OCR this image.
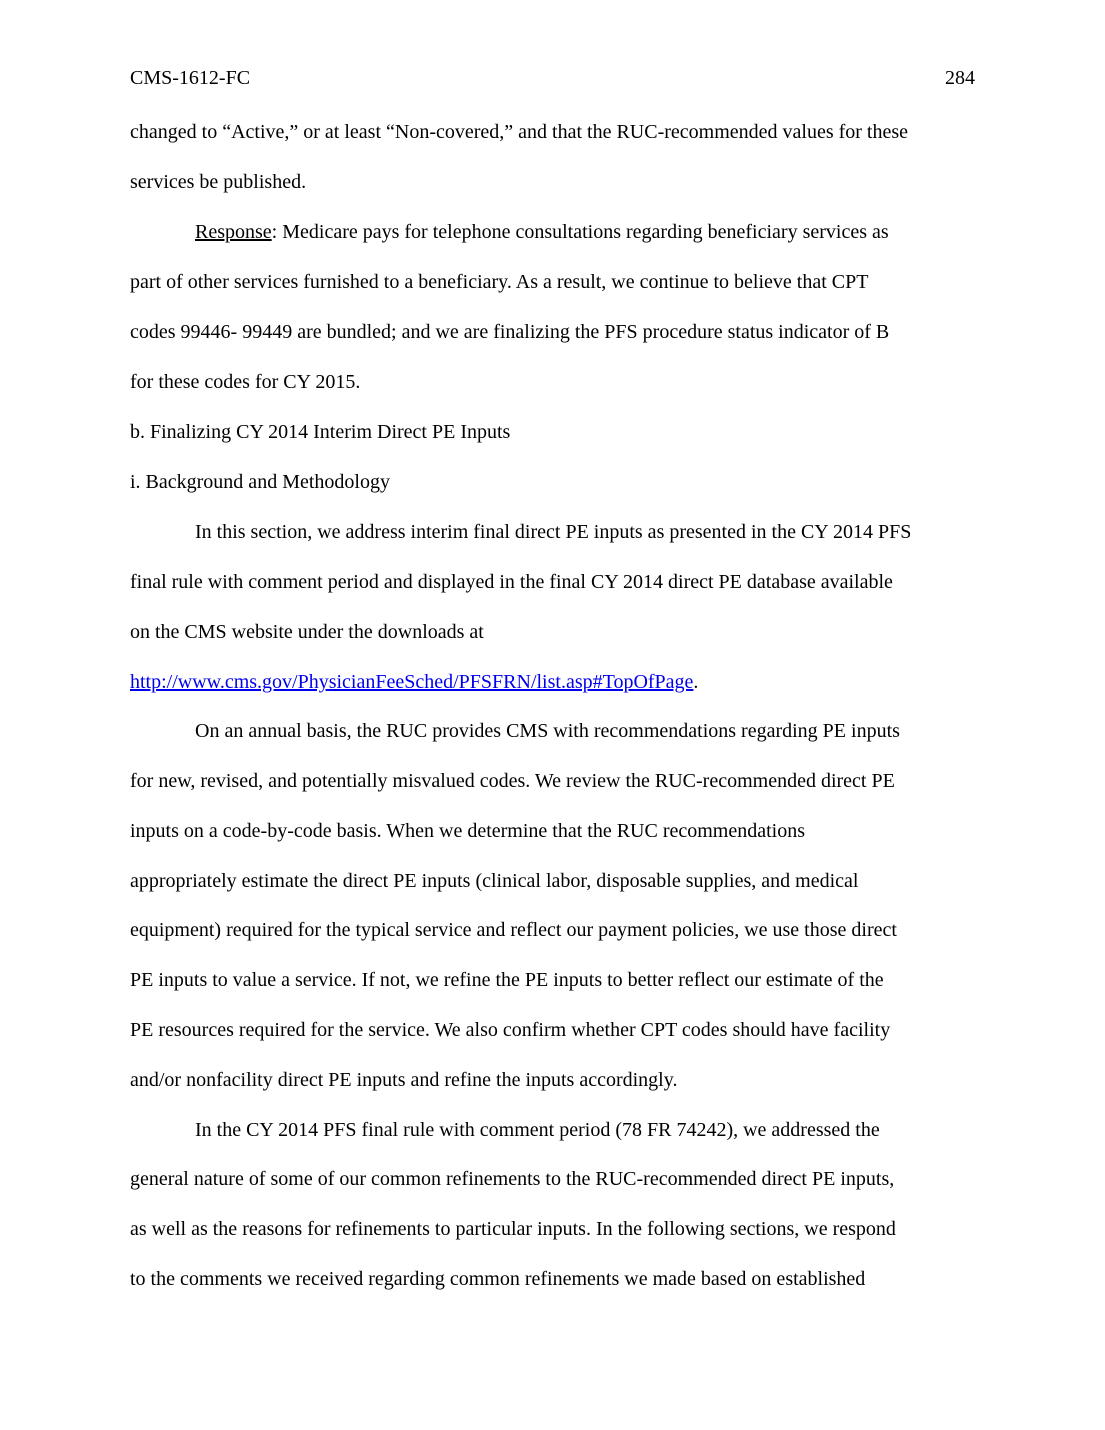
CMS-1612-FC	284
changed to “Active,” or at least “Non-covered,” and that the RUC-recommended values for these
services be published.
Response: Medicare pays for telephone consultations regarding beneficiary services as
part of other services furnished to a beneficiary. As a result, we continue to believe that CPT
codes 99446- 99449 are bundled; and we are finalizing the PFS procedure status indicator of B
for these codes for CY 2015.
b. Finalizing CY 2014 Interim Direct PE Inputs
i. Background and Methodology
In this section, we address interim final direct PE inputs as presented in the CY 2014 PFS
final rule with comment period and displayed in the final CY 2014 direct PE database available
on the CMS website under the downloads at
http://www.cms.gov/PhysicianFeeSched/PFSFRN/list.asp#TopOfPage.
On an annual basis, the RUC provides CMS with recommendations regarding PE inputs
for new, revised, and potentially misvalued codes. We review the RUC-recommended direct PE
inputs on a code-by-code basis. When we determine that the RUC recommendations
appropriately estimate the direct PE inputs (clinical labor, disposable supplies, and medical
equipment) required for the typical service and reflect our payment policies, we use those direct
PE inputs to value a service. If not, we refine the PE inputs to better reflect our estimate of the
PE resources required for the service. We also confirm whether CPT codes should have facility
and/or nonfacility direct PE inputs and refine the inputs accordingly.
In the CY 2014 PFS final rule with comment period (78 FR 74242), we addressed the
general nature of some of our common refinements to the RUC-recommended direct PE inputs,
as well as the reasons for refinements to particular inputs. In the following sections, we respond
to the comments we received regarding common refinements we made based on established
